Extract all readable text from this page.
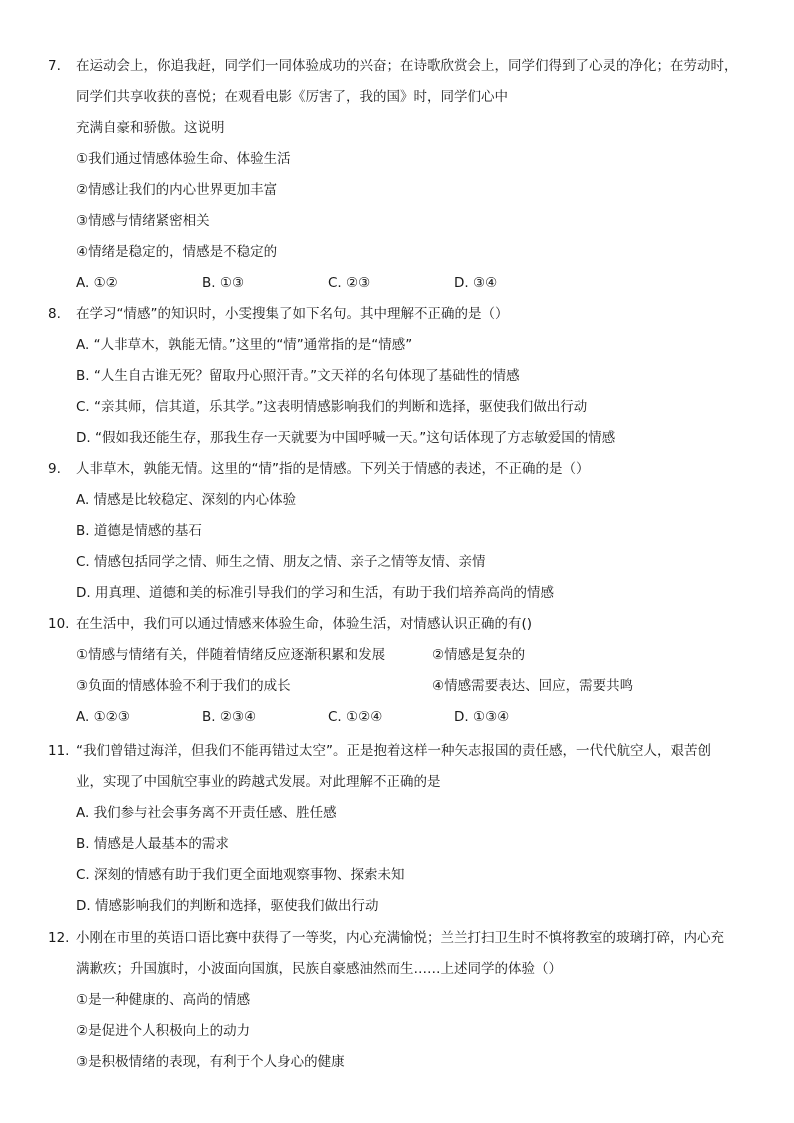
7. 在运动会上，你追我赶，同学们一同体验成功的兴奋；在诗歌欣赏会上，同学们得到了心灵的净化；在劳动时，
同学们共享收获的喜悦；在观看电影《厉害了，我的国》时，同学们心中
充满自豪和骄傲。这说明
①我们通过情感体验生命、体验生活
②情感让我们的内心世界更加丰富
③情感与情绪紧密相关
④情绪是稳定的，情感是不稳定的
A. ①②	B. ①③	C. ②③	D. ③④
8. 在学习“情感”的知识时，小雯搜集了如下名句。其中理解不正确的是（）
A. “人非草木，孰能无情。”这里的“情”通常指的是“情感”
B. “人生自古谁无死？留取丹心照汗青。”文天祥的名句体现了基础性的情感
C. “亲其师，信其道，乐其学。”这表明情感影响我们的判断和选择，驱使我们做出行动
D. “假如我还能生存，那我生存一天就要为中国呼喊一天。”这句话体现了方志敏爱国的情感
9. 人非草木，孰能无情。这里的“情”指的是情感。下列关于情感的表述，不正确的是（）
A. 情感是比较稳定、深刻的内心体验
B. 道德是情感的基石
C. 情感包括同学之情、师生之情、朋友之情、亲子之情等友情、亲情
D. 用真理、道德和美的标准引导我们的学习和生活，有助于我们培养高尚的情感
10. 在生活中，我们可以通过情感来体验生命，体验生活，对情感认识正确的有()
①情感与情绪有关，伴随着情绪反应逐渐积累和发展	②情感是复杂的
③负面的情感体验不利于我们的成长	④情感需要表达、回应，需要共鸣
A. ①②③	B. ②③④	C. ①②④	D. ①③④
11. “我们曾错过海洋，但我们不能再错过太空”。正是抱着这样一种矢志报国的责任感，一代代航空人，艰苦创
业，实现了中国航空事业的跨越式发展。对此理解不正确的是
A. 我们参与社会事务离不开责任感、胜任感
B. 情感是人最基本的需求
C. 深刻的情感有助于我们更全面地观察事物、探索未知
D. 情感影响我们的判断和选择，驱使我们做出行动
12. 小刚在市里的英语口语比赛中获得了一等奖，内心充满愉悦；兰兰打扫卫生时不慎将教室的玻璃打碎，内心充
满歉疚；升国旗时，小波面向国旗，民族自豪感油然而生……上述同学的体验（）
①是一种健康的、高尚的情感
②是促进个人积极向上的动力
③是积极情绪的表现，有利于个人身心的健康
